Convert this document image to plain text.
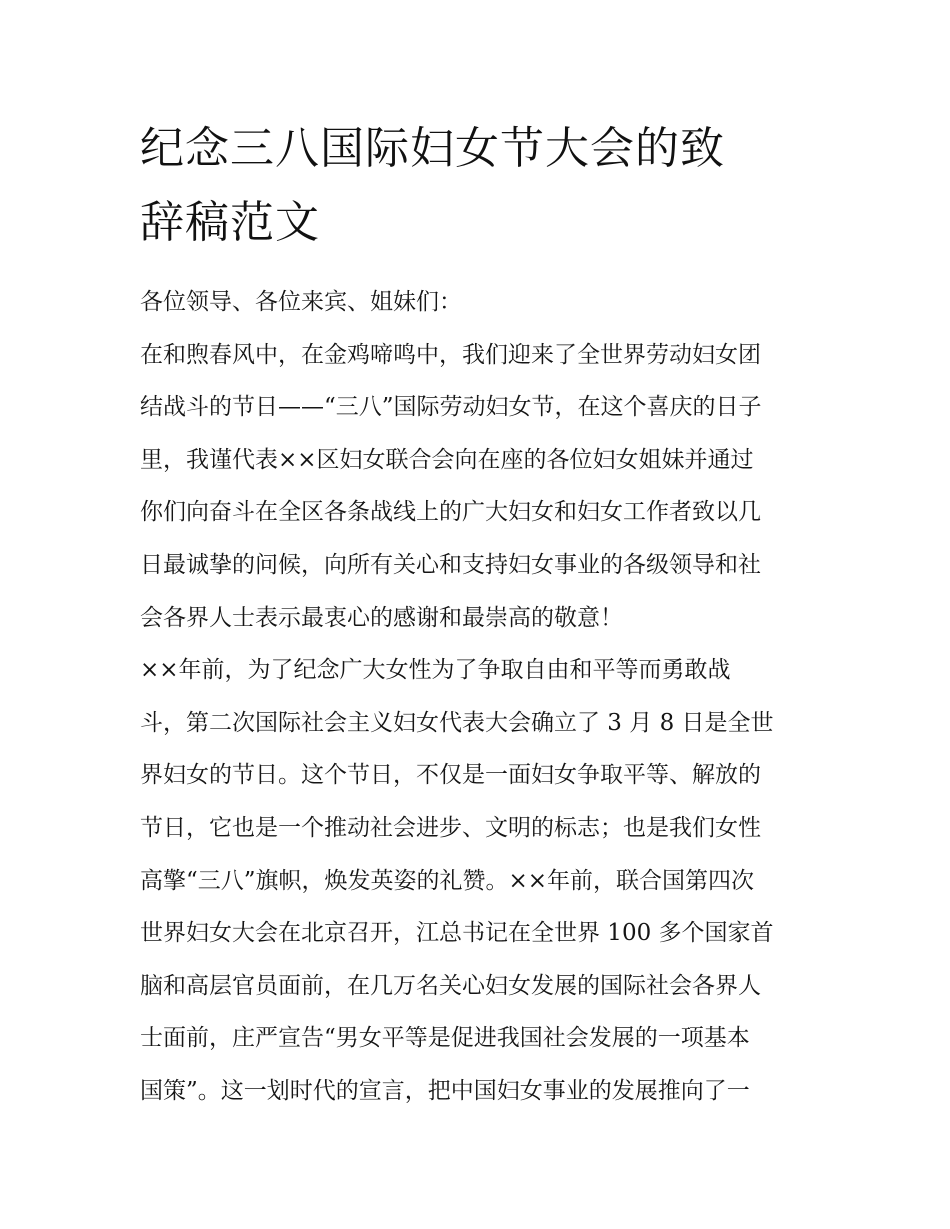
纪念三八国际妇女节大会的致
辞稿范文
各位领导、各位来宾、姐妹们：
在和煦春风中，在金鸡啼鸣中，我们迎来了全世界劳动妇女团
结战斗的节日——“三八”国际劳动妇女节，在这个喜庆的日子
里，我谨代表××区妇女联合会向在座的各位妇女姐妹并通过
你们向奋斗在全区各条战线上的广大妇女和妇女工作者致以几
日最诚挚的问候，向所有关心和支持妇女事业的各级领导和社
会各界人士表示最衷心的感谢和最崇高的敬意！
××年前，为了纪念广大女性为了争取自由和平等而勇敢战
斗，第二次国际社会主义妇女代表大会确立了 3 月 8 日是全世
界妇女的节日。这个节日，不仅是一面妇女争取平等、解放的
节日，它也是一个推动社会进步、文明的标志；也是我们女性
高擎“三八”旗帜，焕发英姿的礼赞。××年前，联合国第四次
世界妇女大会在北京召开，江总书记在全世界 100 多个国家首
脑和高层官员面前，在几万名关心妇女发展的国际社会各界人
士面前，庄严宣告“男女平等是促进我国社会发展的一项基本
国策”。这一划时代的宣言，把中国妇女事业的发展推向了一
